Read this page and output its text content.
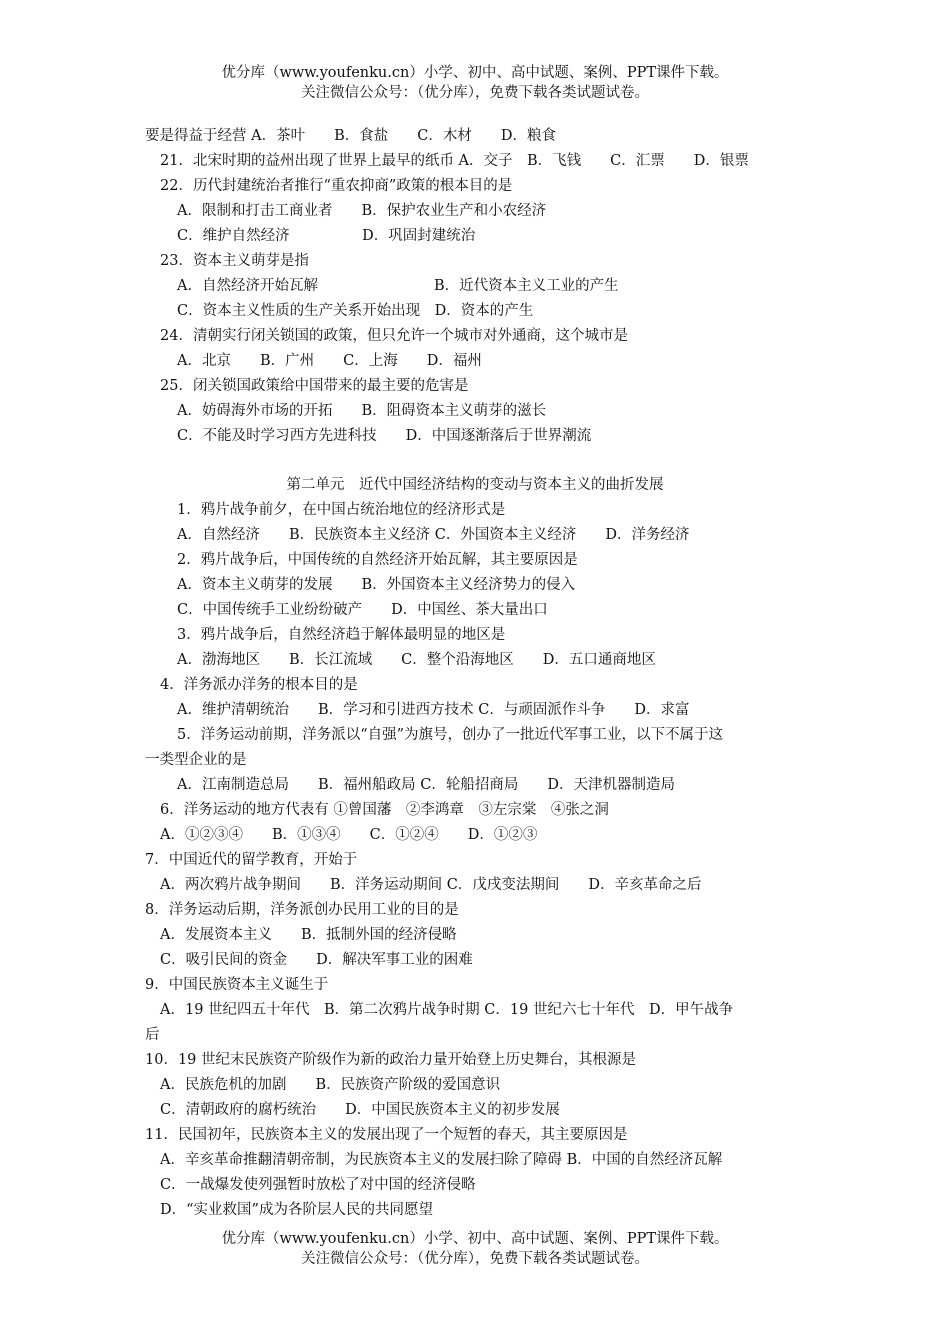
优分库（www.youfenku.cn）小学、初中、高中试题、案例、PPT课件下载。
关注微信公众号：（优分库），免费下载各类试题试卷。
要是得益于经营 A．茶叶　　B．食盐　　C．木材　　D．粮食
21．北宋时期的益州出现了世界上最早的纸币 A．交子　B．飞钱　　C．汇票　　D．银票
22．历代封建统治者推行“重农抑商”政策的根本目的是
A．限制和打击工商业者　　B．保护农业生产和小农经济
C．维护自然经济　　　　　D．巩固封建统治
23．资本主义萌芽是指
A．自然经济开始瓦解　　　　　　　　B．近代资本主义工业的产生
C．资本主义性质的生产关系开始出现　D．资本的产生
24．清朝实行闭关锁国的政策，但只允许一个城市对外通商，这个城市是
A．北京　　B．广州　　C．上海　　D．福州
25．闭关锁国政策给中国带来的最主要的危害是
A．妨碍海外市场的开拓　　B．阻碍资本主义萌芽的滋长
C．不能及时学习西方先进科技　　D．中国逐渐落后于世界潮流
第二单元　近代中国经济结构的变动与资本主义的曲折发展
1．鸦片战争前夕，在中国占统治地位的经济形式是
A．自然经济　　B．民族资本主义经济 C．外国资本主义经济　　D．洋务经济
2．鸦片战争后，中国传统的自然经济开始瓦解，其主要原因是
A．资本主义萌芽的发展　　B．外国资本主义经济势力的侵入
C．中国传统手工业纷纷破产　　D．中国丝、茶大量出口
3．鸦片战争后，自然经济趋于解体最明显的地区是
A．渤海地区　　B．长江流域　　C．整个沿海地区　　D．五口通商地区
4．洋务派办洋务的根本目的是
A．维护清朝统治　　B．学习和引进西方技术 C．与顽固派作斗争　　D．求富
5．洋务运动前期，洋务派以“自强”为旗号，创办了一批近代军事工业，以下不属于这
一类型企业的是
A．江南制造总局　　B．福州船政局 C．轮船招商局　　D．天津机器制造局
6．洋务运动的地方代表有 ①曾国藩　②李鸿章　③左宗棠　④张之洞
A．①②③④　　B．①③④　　C．①②④　　D．①②③
7．中国近代的留学教育，开始于
A．两次鸦片战争期间　　B．洋务运动期间 C．戊戌变法期间　　D．辛亥革命之后
8．洋务运动后期，洋务派创办民用工业的目的是
A．发展资本主义　　B．抵制外国的经济侵略
C．吸引民间的资金　　D．解决军事工业的困难
9．中国民族资本主义诞生于
A．19 世纪四五十年代　B．第二次鸦片战争时期 C．19 世纪六七十年代　D．甲午战争
后
10．19 世纪末民族资产阶级作为新的政治力量开始登上历史舞台，其根源是
A．民族危机的加剧　　B．民族资产阶级的爱国意识
C．清朝政府的腐朽统治　　D．中国民族资本主义的初步发展
11．民国初年，民族资本主义的发展出现了一个短暂的春天，其主要原因是
A．辛亥革命推翻清朝帝制，为民族资本主义的发展扫除了障碍 B．中国的自然经济瓦解
C．一战爆发使列强暂时放松了对中国的经济侵略
D．“实业救国”成为各阶层人民的共同愿望
优分库（www.youfenku.cn）小学、初中、高中试题、案例、PPT课件下载。
关注微信公众号：（优分库），免费下载各类试题试卷。
